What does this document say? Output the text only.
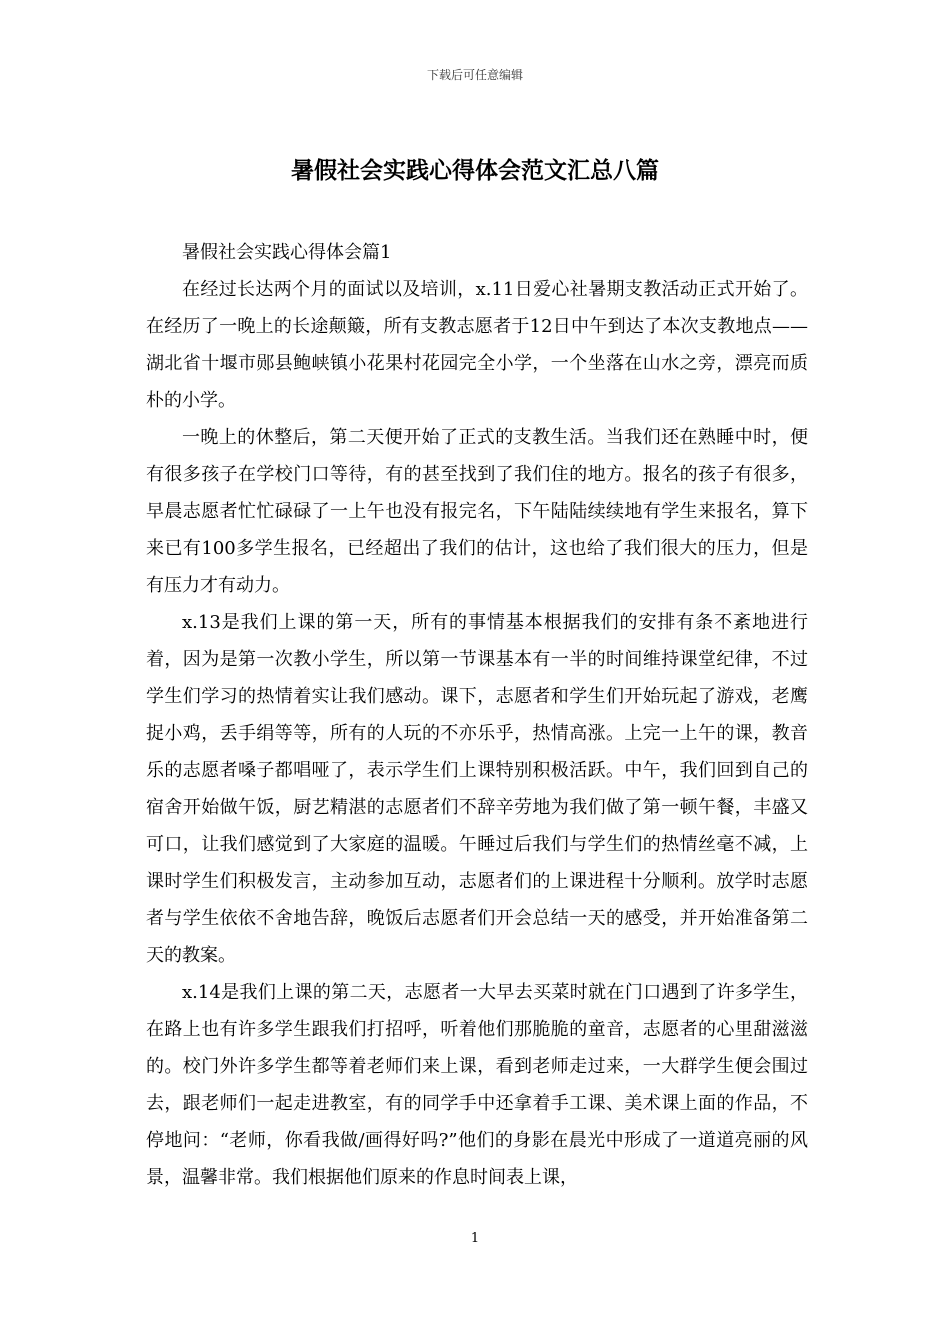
下载后可任意编辑
暑假社会实践心得体会范文汇总八篇

暑假社会实践心得体会篇1

在经过长达两个月的面试以及培训，x.11日爱心社暑期支教活动正式开始了。在经历了一晚上的长途颠簸，所有支教志愿者于12日中午到达了本次支教地点——湖北省十堰市郧县鲍峡镇小花果村花园完全小学，一个坐落在山水之旁，漂亮而质朴的小学。

一晚上的休整后，第二天便开始了正式的支教生活。当我们还在熟睡中时，便有很多孩子在学校门口等待，有的甚至找到了我们住的地方。报名的孩子有很多，早晨志愿者忙忙碌碌了一上午也没有报完名，下午陆陆续续地有学生来报名，算下来已有100多学生报名，已经超出了我们的估计，这也给了我们很大的压力，但是有压力才有动力。

x.13是我们上课的第一天，所有的事情基本根据我们的安排有条不紊地进行着，因为是第一次教小学生，所以第一节课基本有一半的时间维持课堂纪律，不过学生们学习的热情着实让我们感动。课下，志愿者和学生们开始玩起了游戏，老鹰捉小鸡，丢手绢等等，所有的人玩的不亦乐乎，热情高涨。上完一上午的课，教音乐的志愿者嗓子都唱哑了，表示学生们上课特别积极活跃。中午，我们回到自己的宿舍开始做午饭，厨艺精湛的志愿者们不辞辛劳地为我们做了第一顿午餐，丰盛又可口，让我们感觉到了大家庭的温暖。午睡过后我们与学生们的热情丝毫不减，上课时学生们积极发言，主动参加互动，志愿者们的上课进程十分顺利。放学时志愿者与学生依依不舍地告辞，晚饭后志愿者们开会总结一天的感受，并开始准备第二天的教案。

x.14是我们上课的第二天，志愿者一大早去买菜时就在门口遇到了许多学生，在路上也有许多学生跟我们打招呼，听着他们那脆脆的童音，志愿者的心里甜滋滋的。校门外许多学生都等着老师们来上课，看到老师走过来，一大群学生便会围过去，跟老师们一起走进教室，有的同学手中还拿着手工课、美术课上面的作品，不停地问：“老师，你看我做/画得好吗?”他们的身影在晨光中形成了一道道亮丽的风景，温馨非常。我们根据他们原来的作息时间表上课，

1
